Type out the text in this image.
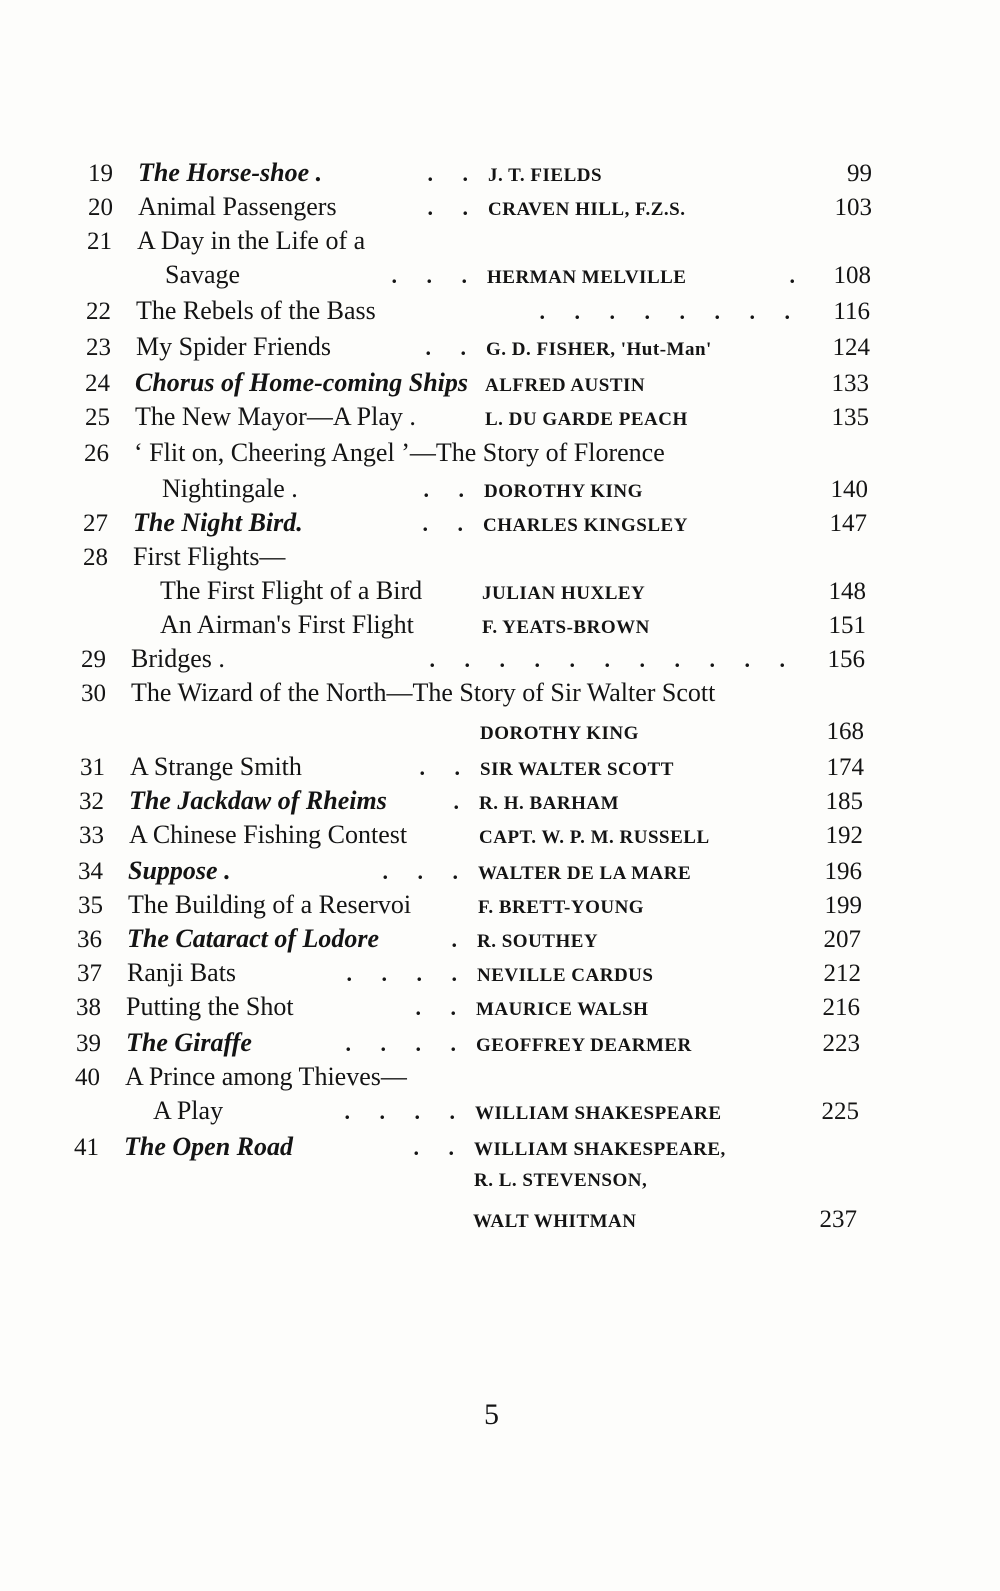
19 The Horse-shoe .	. . J. T. FIELDS	99
20 Animal Passengers	. . CRAVEN HILL, F.Z.S.	103
21 A Day in the Life of a
Savage	. . . HERMAN MELVILLE	.	108
22 The Rebels of the Bass	. . . . . . . .	116
23 My Spider Friends	. . G. D. FISHER, 'Hut-Man'	124
24 Chorus of Home-coming Ships ALFRED AUSTIN	133
25 The New Mayor—A Play .	L. DU GARDE PEACH	135
26 ‘ Flit on, Cheering Angel ’—The Story of Florence
Nightingale .	. . DOROTHY KING	140
27 The Night Bird.	. . CHARLES KINGSLEY	147
28 First Flights—
The First Flight of a Bird	JULIAN HUXLEY	148
An Airman's First Flight	F. YEATS-BROWN	151
29 Bridges .	. . . . . . . . . . .	156
30 The Wizard of the North—The Story of Sir Walter Scott
DOROTHY KING	168
31 A Strange Smith	. . SIR WALTER SCOTT	174
32 The Jackdaw of Rheims	. R. H. BARHAM	185
33 A Chinese Fishing Contest	CAPT. W. P. M. RUSSELL	192
34 Suppose .	. . . WALTER DE LA MARE	196
35 The Building of a Reservoi	F. BRETT-YOUNG	199
36 The Cataract of Lodore	. R. SOUTHEY	207
37 Ranji Bats	. . . . NEVILLE CARDUS	212
38 Putting the Shot	. . MAURICE WALSH	216
39 The Giraffe	. . . . GEOFFREY DEARMER	223
40 A Prince among Thieves—
A Play	. . . . WILLIAM SHAKESPEARE	225
41 The Open Road	. . WILLIAM SHAKESPEARE,
R. L. STEVENSON,
WALT WHITMAN	237
5
